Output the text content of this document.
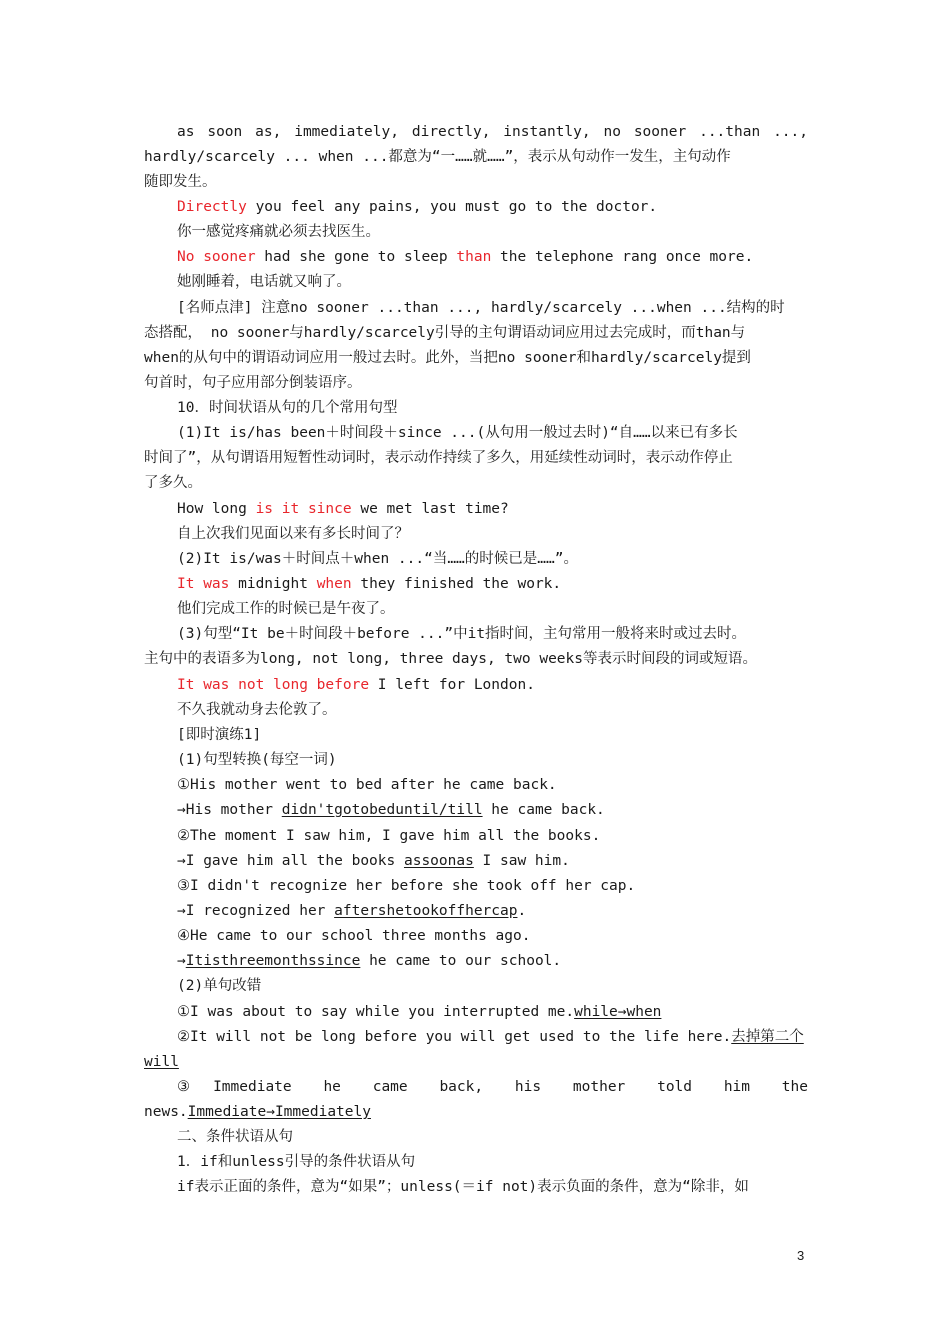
as soon as, immediately, directly, instantly, no sooner ...than ...,
hardly/scarcely ... when ...都意为“一……就……”，表示从句动作一发生，主句动作
随即发生。
Directly you feel any pains, you must go to the doctor.
你一感觉疼痛就必须去找医生。
No sooner had she gone to sleep than the telephone rang once more.
她刚睡着，电话就又响了。
[名师点津] 注意no sooner ...than ..., hardly/scarcely ...when ...结构的时
态搭配， no sooner与hardly/scarcely引导的主句谓语动词应用过去完成时，而than与
when的从句中的谓语动词应用一般过去时。此外，当把no sooner和hardly/scarcely提到
句首时，句子应用部分倒装语序。
10．时间状语从句的几个常用句型
(1)It is/has been＋时间段＋since ...(从句用一般过去时)“自……以来已有多长
时间了”，从句谓语用短暂性动词时，表示动作持续了多久，用延续性动词时，表示动作停止
了多久。
How long is it since we met last time?
自上次我们见面以来有多长时间了？
(2)It is/was＋时间点＋when ...“当……的时候已是……”。
It was midnight when they finished the work.
他们完成工作的时候已是午夜了。
(3)句型“It be＋时间段＋before ...”中it指时间，主句常用一般将来时或过去时。
主句中的表语多为long, not long, three days, two weeks等表示时间段的词或短语。
It was not long before I left for London.
不久我就动身去伦敦了。
[即时演练1]
(1)句型转换(每空一词)
①His mother went to bed after he came back.
→His mother didn'tgotobeduntil/till he came back.
②The moment I saw him, I gave him all the books.
→I gave him all the books assoonas I saw him.
③I didn't recognize her before she took off her cap.
→I recognized her aftershetookoffhercap.
④He came to our school three months ago.
→Itisthreemonthssince he came to our school.
(2)单句改错
①I was about to say while you interrupted me.while→when
②It will not be long before you will get used to the life here.去掉第二个
will
③Immediate he came back, his mother told him the
news.Immediate→Immediately
二、条件状语从句
1．if和unless引导的条件状语从句
if表示正面的条件，意为“如果”；unless(＝if not)表示负面的条件，意为“除非，如
3
